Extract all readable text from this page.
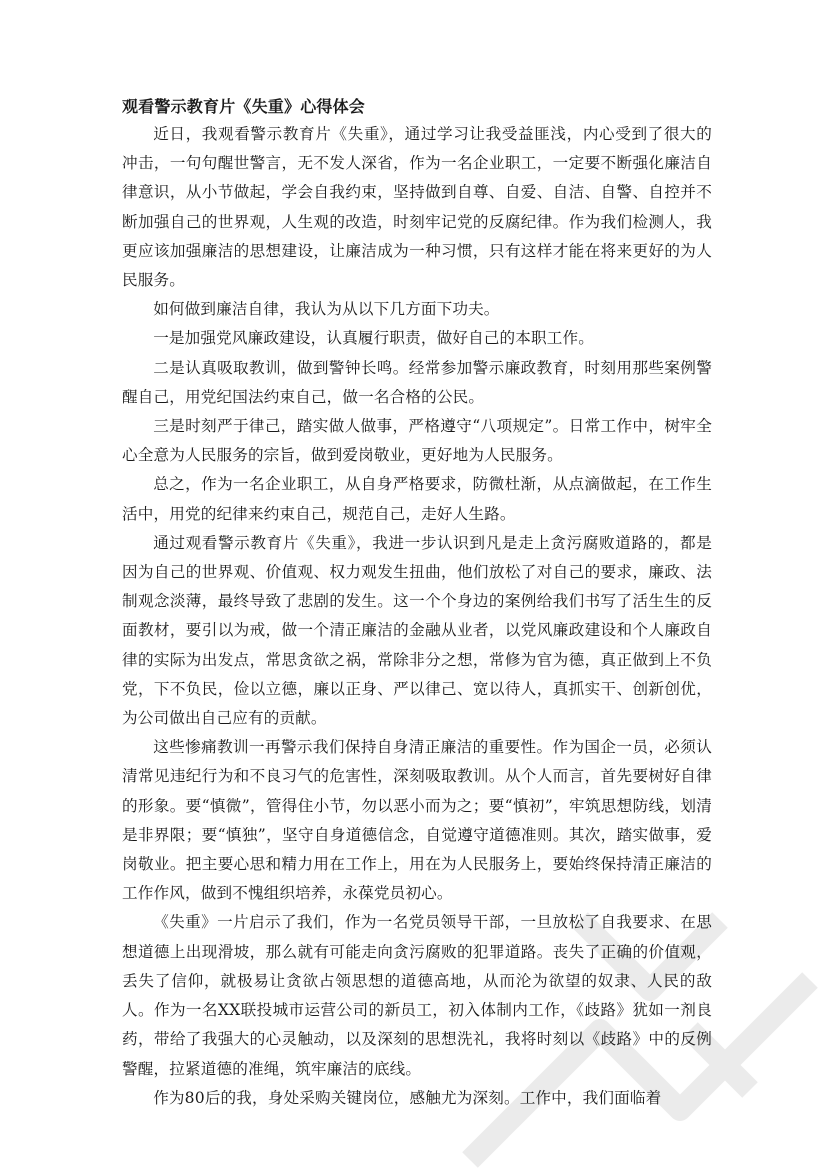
观看警示教育片《失重》心得体会

近日，我观看警示教育片《失重》，通过学习让我受益匪浅，内心受到了很大的冲击，一句句醒世警言，无不发人深省，作为一名企业职工，一定要不断强化廉洁自律意识，从小节做起，学会自我约束，坚持做到自尊、自爱、自洁、自警、自控并不断加强自己的世界观，人生观的改造，时刻牢记党的反腐纪律。作为我们检测人，我更应该加强廉洁的思想建设，让廉洁成为一种习惯，只有这样才能在将来更好的为人民服务。

如何做到廉洁自律，我认为从以下几方面下功夫。

一是加强党风廉政建设，认真履行职责，做好自己的本职工作。

二是认真吸取教训，做到警钟长鸣。经常参加警示廉政教育，时刻用那些案例警醒自己，用党纪国法约束自己，做一名合格的公民。

三是时刻严于律己，踏实做人做事，严格遵守“八项规定”。日常工作中，树牢全心全意为人民服务的宗旨，做到爱岗敬业，更好地为人民服务。

总之，作为一名企业职工，从自身严格要求，防微杜渐，从点滴做起，在工作生活中，用党的纪律来约束自己，规范自己，走好人生路。

通过观看警示教育片《失重》，我进一步认识到凡是走上贪污腐败道路的，都是因为自己的世界观、价值观、权力观发生扭曲，他们放松了对自己的要求，廉政、法制观念淡薄，最终导致了悲剧的发生。这一个个身边的案例给我们书写了活生生的反面教材，要引以为戒，做一个清正廉洁的金融从业者，以党风廉政建设和个人廉政自律的实际为出发点，常思贪欲之祸，常除非分之想，常修为官为德，真正做到上不负党，下不负民，俭以立德，廉以正身、严以律己、宽以待人，真抓实干、创新创优，为公司做出自己应有的贡献。

这些惨痛教训一再警示我们保持自身清正廉洁的重要性。作为国企一员，必须认清常见违纪行为和不良习气的危害性，深刻吸取教训。从个人而言，首先要树好自律的形象。要“慎微”，管得住小节，勿以恶小而为之；要“慎初”，牢筑思想防线，划清是非界限；要“慎独”，坚守自身道德信念，自觉遵守道德准则。其次，踏实做事，爱岗敬业。把主要心思和精力用在工作上，用在为人民服务上，要始终保持清正廉洁的工作作风，做到不愧组织培养，永葆党员初心。

《失重》一片启示了我们，作为一名党员领导干部，一旦放松了自我要求、在思想道德上出现滑坡，那么就有可能走向贪污腐败的犯罪道路。丧失了正确的价值观，丢失了信仰，就极易让贪欲占领思想的道德高地，从而沦为欲望的奴隶、人民的敌人。作为一名XX联投城市运营公司的新员工，初入体制内工作，《歧路》犹如一剂良药，带给了我强大的心灵触动，以及深刻的思想洗礼，我将时刻以《歧路》中的反例警醒，拉紧道德的准绳，筑牢廉洁的底线。

作为80后的我，身处采购关键岗位，感触尤为深刻。工作中，我们面临着
